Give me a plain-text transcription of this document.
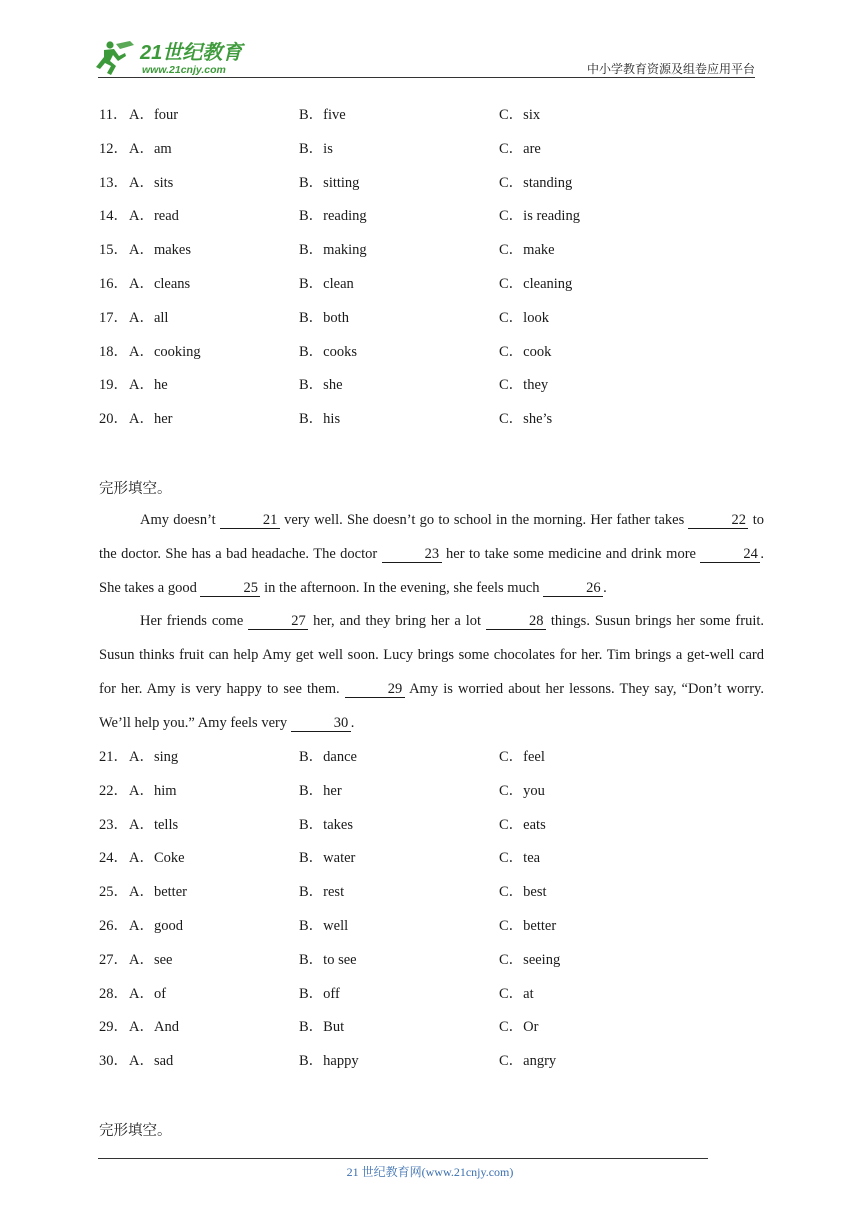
21世纪教育
www.21cnjy.com	中小学教育资源及组卷应用平台
11． A．four	B．five	C．six
12． A．am	B．is	C．are
13． A．sits	B．sitting	C．standing
14． A．read	B．reading	C．is reading
15． A．makes	B．making	C．make
16． A．cleans	B．clean	C．cleaning
17． A．all	B．both	C．look
18． A．cooking	B．cooks	C．cook
19． A．he	B．she	C．they
20． A．her	B．his	C．she’s
完形填空。

Amy doesn’t	21 very well. She doesn’t go to school in the morning. Her father takes	22 to the doctor. She has a bad headache. The doctor	23 her to take some medicine and drink more	24 . She takes a good	25 in the afternoon. In the evening, she feels much	26 .

Her friends come	27 her, and they bring her a lot	28 things. Susun brings her some fruit. Susun thinks fruit can help Amy get well soon. Lucy brings some chocolates for her. Tim brings a get-well card for her. Amy is very happy to see them.	29 Amy is worried about her lessons. They say, “Don’t worry. We’ll help you.” Amy feels very	30 .

21． A．sing	B．dance	C．feel
22． A．him	B．her	C．you
23． A．tells	B．takes	C．eats
24． A．Coke	B．water	C．tea
25． A．better	B．rest	C．best
26． A．good	B．well	C．better
27． A．see	B．to see	C．seeing
28． A．of	B．off	C．at
29． A．And	B．But	C．Or
30． A．sad	B．happy	C．angry
完形填空。
21 世纪教育网(www.21cnjy.com)
